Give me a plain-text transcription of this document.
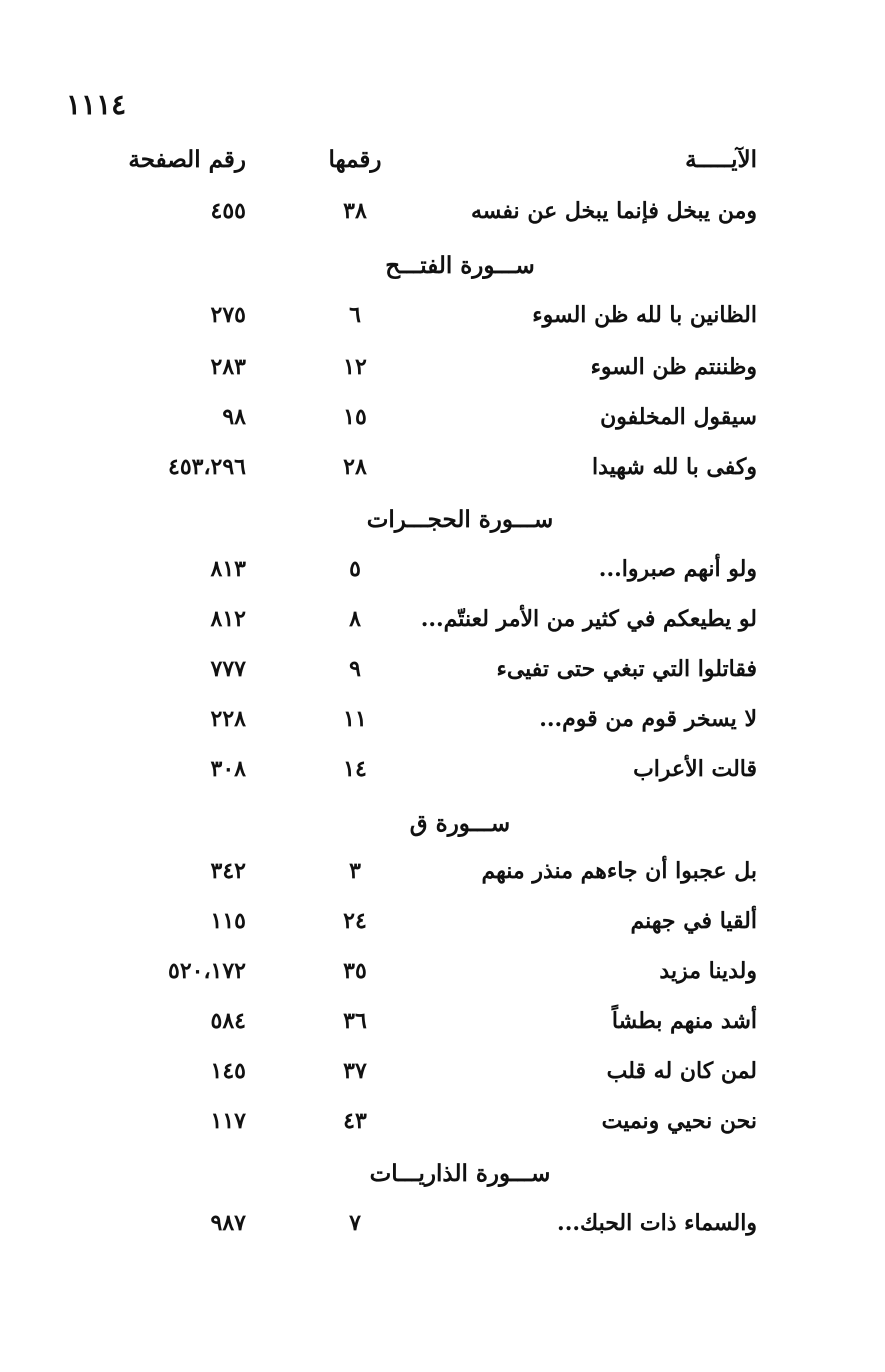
١١١٤
الآيـــــة
رقمها
رقم الصفحة
ومن يبخل فإنما يبخل عن نفسه
٣٨
٤٥٥
ســـورة الفتـــح
الظانين با لله ظن السوء
٦
٢٧٥
وظننتم ظن السوء
١٢
٢٨٣
سيقول المخلفون
١٥
٩٨
وكفى با لله شهيدا
٢٨
٤٥٣،٢٩٦
ســـورة الحجـــرات
ولو أنهم صبروا...
٥
٨١٣
لو يطيعكم في كثير من الأمر لعنتّم...
٨
٨١٢
فقاتلوا التي تبغي حتى تفيىء
٩
٧٧٧
لا يسخر قوم من قوم...
١١
٢٢٨
قالت الأعراب
١٤
٣٠٨
ســـورة ق
بل عجبوا أن جاءهم منذر منهم
٣
٣٤٢
ألقيا في جهنم
٢٤
١١٥
ولدينا مزيد
٣٥
٥٢٠،١٧٢
أشد منهم بطشاً
٣٦
٥٨٤
لمن كان له قلب
٣٧
١٤٥
نحن نحيي ونميت
٤٣
١١٧
ســـورة الذاريـــات
والسماء ذات الحبك...
٧
٩٨٧
